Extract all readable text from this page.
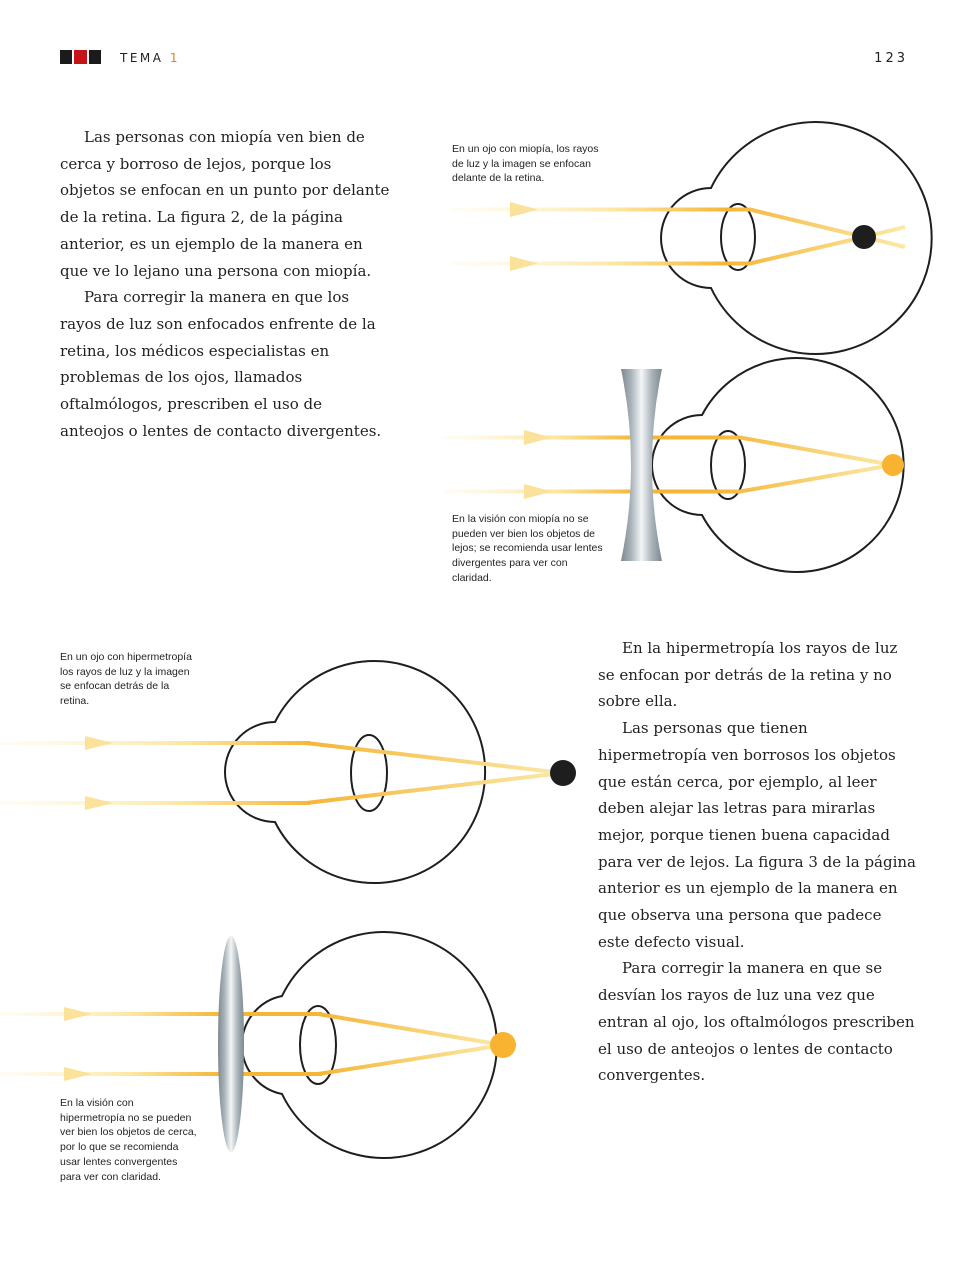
TEMA 1	123

Las personas con miopía ven bien de cerca y borroso de lejos, porque los objetos se enfocan en un punto por delante de la retina. La figura 2, de la página anterior, es un ejemplo de la manera en que ve lo lejano una persona con miopía.

Para corregir la manera en que los rayos de luz son enfocados enfrente de la retina, los médicos especialistas en problemas de los ojos, llamados oftalmólogos, prescriben el uso de anteojos o lentes de contacto divergentes.

En la hipermetropía los rayos de luz se enfocan por detrás de la retina y no sobre ella.

Las personas que tienen hipermetropía ven borrosos los objetos que están cerca, por ejemplo, al leer deben alejar las letras para mirarlas mejor, porque tienen buena capacidad para ver de lejos. La figura 3 de la página anterior es un ejemplo de la manera en que observa una persona que padece este defecto visual.

Para corregir la manera en que se desvían los rayos de luz una vez que entran al ojo, los oftalmólogos prescriben el uso de anteojos o lentes de contacto convergentes.

En un ojo con miopía, los rayos de luz y la imagen se enfocan delante de la retina.
En la visión con miopía no se pueden ver bien los objetos de lejos; se recomienda usar lentes divergentes para ver con claridad.
En un ojo con hipermetropía los rayos de luz y la imagen se enfocan detrás de la retina.
En la visión con hipermetropía no se pueden ver bien los objetos de cerca, por lo que se recomienda usar lentes convergentes para ver con claridad.
